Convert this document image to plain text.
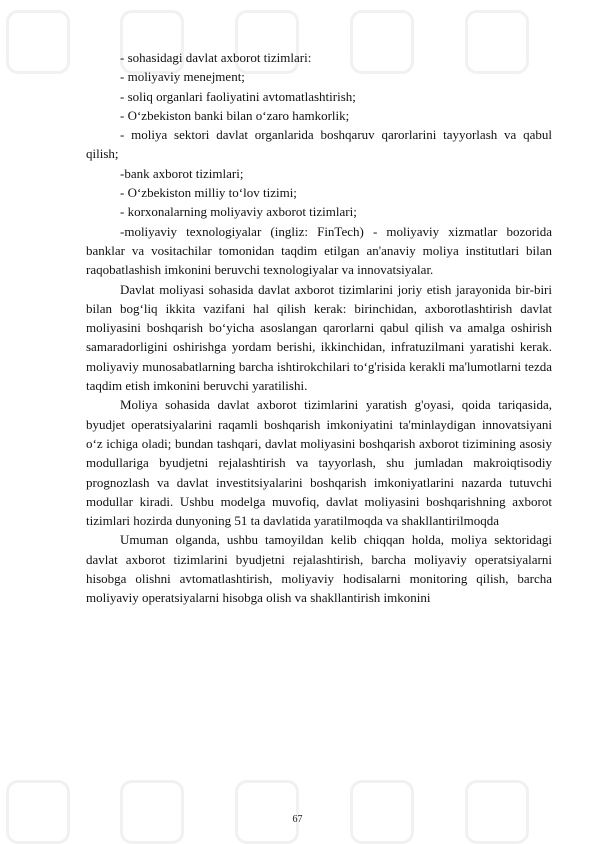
- sohasidagi davlat axborot tizimlari:

- moliyaviy menejment;

- soliq organlari faoliyatini avtomatlashtirish;

- O‘zbekiston banki bilan o‘zaro hamkorlik;

- moliya sektori davlat organlarida boshqaruv qarorlarini tayyorlash va qabul qilish;

-bank axborot tizimlari;

- O‘zbekiston milliy to‘lov tizimi;

- korxonalarning moliyaviy axborot tizimlari;

-moliyaviy texnologiyalar (ingliz: FinTech) - moliyaviy xizmatlar bozorida banklar va vositachilar tomonidan taqdim etilgan an'anaviy moliya institutlari bilan raqobatlashish imkonini beruvchi texnologiyalar va innovatsiyalar.

Davlat moliyasi sohasida davlat axborot tizimlarini joriy etish jarayonida bir-biri bilan bog‘liq ikkita vazifani hal qilish kerak: birinchidan, axborotlashtirish davlat moliyasini boshqarish bo‘yicha asoslangan qarorlarni qabul qilish va amalga oshirish samaradorligini oshirishga yordam berishi, ikkinchidan, infratuzilmani yaratishi kerak. moliyaviy munosabatlarning barcha ishtirokchilari to‘g'risida kerakli ma'lumotlarni tezda taqdim etish imkonini beruvchi yaratilishi.

Moliya sohasida davlat axborot tizimlarini yaratish g'oyasi, qoida tariqasida, byudjet operatsiyalarini raqamli boshqarish imkoniyatini ta'minlaydigan innovatsiyani o‘z ichiga oladi; bundan tashqari, davlat moliyasini boshqarish axborot tizimining asosiy modullariga byudjetni rejalashtirish va tayyorlash, shu jumladan makroiqtisodiy prognozlash va davlat investitsiyalarini boshqarish imkoniyatlarini nazarda tutuvchi modullar kiradi. Ushbu modelga muvofiq, davlat moliyasini boshqarishning axborot tizimlari hozirda dunyoning 51 ta davlatida yaratilmoqda va shakllantirilmoqda

Umuman olganda, ushbu tamoyildan kelib chiqqan holda, moliya sektoridagi davlat axborot tizimlarini byudjetni rejalashtirish, barcha moliyaviy operatsiyalarni hisobga olishni avtomatlashtirish, moliyaviy hodisalarni monitoring qilish, barcha moliyaviy operatsiyalarni hisobga olish va shakllantirish imkonini

67
